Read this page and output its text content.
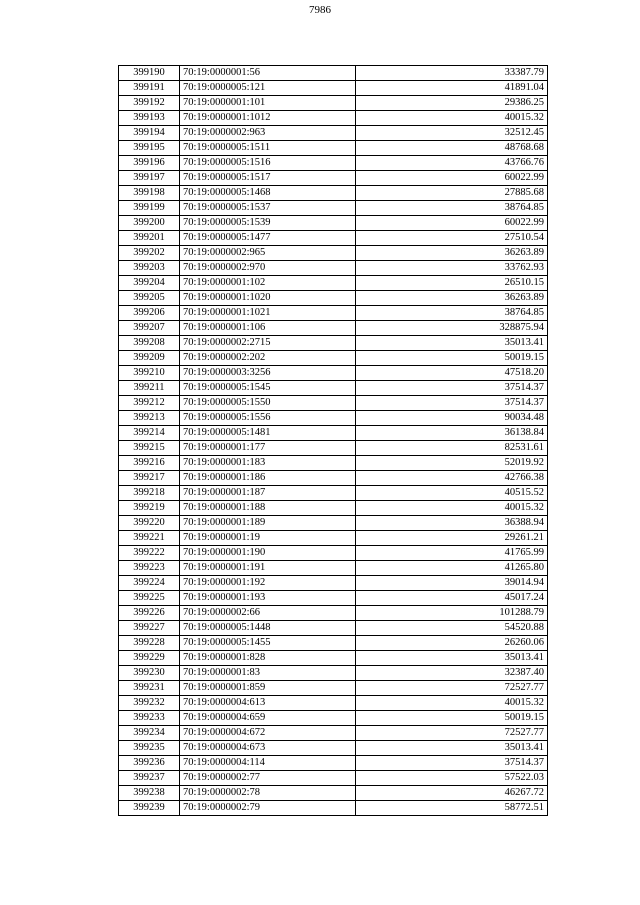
7986
399190	70:19:0000001:56	33387.79
399191	70:19:0000005:121	41891.04
399192	70:19:0000001:101	29386.25
399193	70:19:0000001:1012	40015.32
399194	70:19:0000002:963	32512.45
399195	70:19:0000005:1511	48768.68
399196	70:19:0000005:1516	43766.76
399197	70:19:0000005:1517	60022.99
399198	70:19:0000005:1468	27885.68
399199	70:19:0000005:1537	38764.85
399200	70:19:0000005:1539	60022.99
399201	70:19:0000005:1477	27510.54
399202	70:19:0000002:965	36263.89
399203	70:19:0000002:970	33762.93
399204	70:19:0000001:102	26510.15
399205	70:19:0000001:1020	36263.89
399206	70:19:0000001:1021	38764.85
399207	70:19:0000001:106	328875.94
399208	70:19:0000002:2715	35013.41
399209	70:19:0000002:202	50019.15
399210	70:19:0000003:3256	47518.20
399211	70:19:0000005:1545	37514.37
399212	70:19:0000005:1550	37514.37
399213	70:19:0000005:1556	90034.48
399214	70:19:0000005:1481	36138.84
399215	70:19:0000001:177	82531.61
399216	70:19:0000001:183	52019.92
399217	70:19:0000001:186	42766.38
399218	70:19:0000001:187	40515.52
399219	70:19:0000001:188	40015.32
399220	70:19:0000001:189	36388.94
399221	70:19:0000001:19	29261.21
399222	70:19:0000001:190	41765.99
399223	70:19:0000001:191	41265.80
399224	70:19:0000001:192	39014.94
399225	70:19:0000001:193	45017.24
399226	70:19:0000002:66	101288.79
399227	70:19:0000005:1448	54520.88
399228	70:19:0000005:1455	26260.06
399229	70:19:0000001:828	35013.41
399230	70:19:0000001:83	32387.40
399231	70:19:0000001:859	72527.77
399232	70:19:0000004:613	40015.32
399233	70:19:0000004:659	50019.15
399234	70:19:0000004:672	72527.77
399235	70:19:0000004:673	35013.41
399236	70:19:0000004:114	37514.37
399237	70:19:0000002:77	57522.03
399238	70:19:0000002:78	46267.72
399239	70:19:0000002:79	58772.51
